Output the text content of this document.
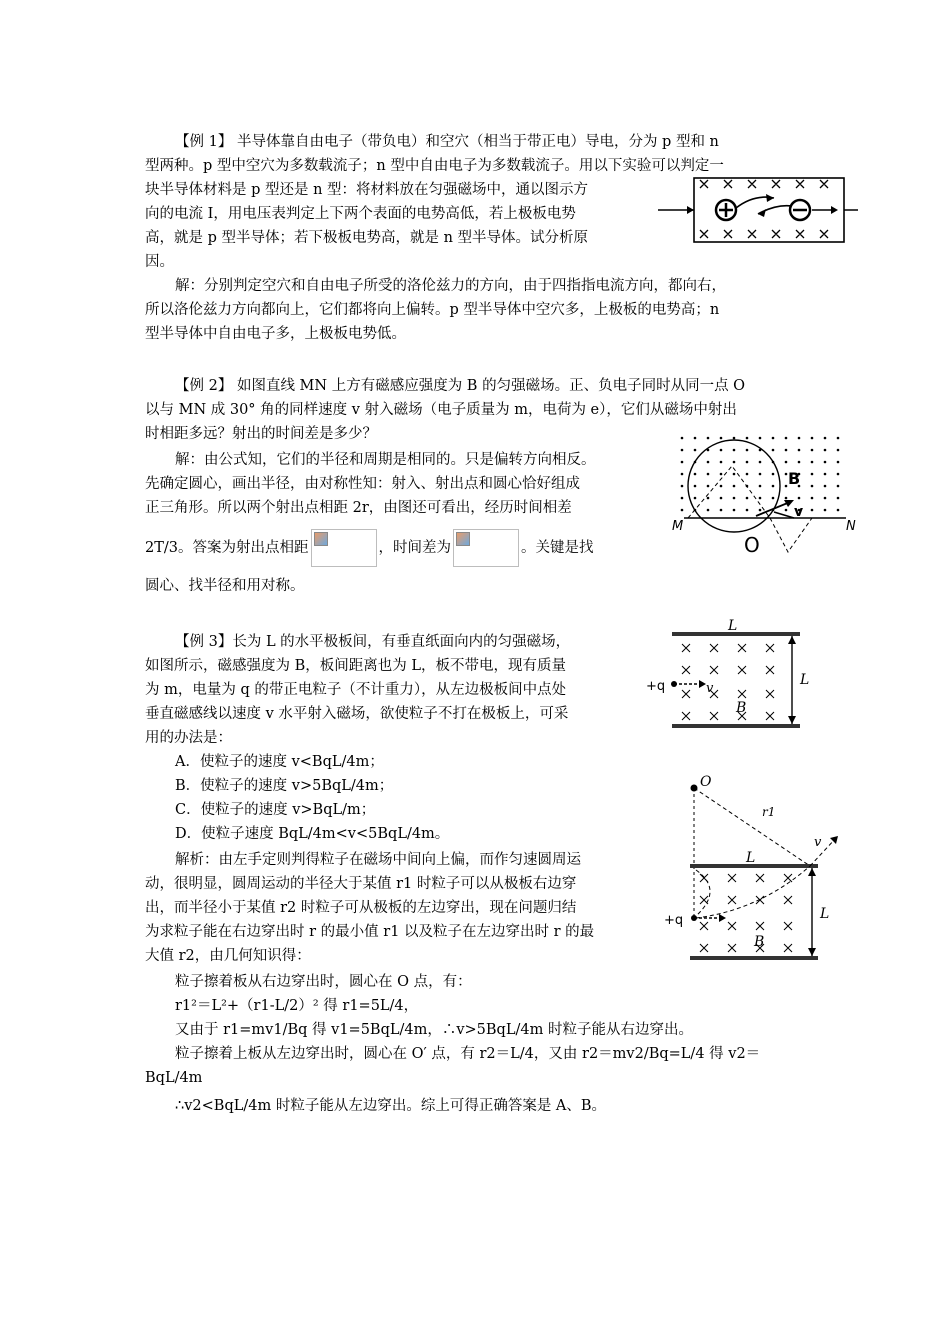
【例 1】 半导体靠自由电子（带负电）和空穴（相当于带正电）导电，分为 p 型和 n
型两种。p 型中空穴为多数载流子；n 型中自由电子为多数载流子。用以下实验可以判定一
块半导体材料是 p 型还是 n 型：将材料放在匀强磁场中，通以图示方
向的电流 I，用电压表判定上下两个表面的电势高低，若上极板电势
高，就是 p 型半导体；若下极板电势高，就是 n 型半导体。试分析原
因。
解：分别判定空穴和自由电子所受的洛伦兹力的方向，由于四指指电流方向，都向右，
所以洛伦兹力方向都向上，它们都将向上偏转。p 型半导体中空穴多，上极板的电势高；n
型半导体中自由电子多，上极板电势低。
【例 2】 如图直线 MN 上方有磁感应强度为 B 的匀强磁场。正、负电子同时从同一点 O
以与 MN 成 30° 角的同样速度 v 射入磁场（电子质量为 m，电荷为 e），它们从磁场中射出
时相距多远？射出的时间差是多少？
解：由公式知，它们的半径和周期是相同的。只是偏转方向相反。
先确定圆心，画出半径，由对称性知：射入、射出点和圆心恰好组成
正三角形。所以两个射出点相距 2r，由图还可看出，经历时间相差
2T/3。答案为射出点相距	，时间差为	。关键是找
圆心、找半径和用对称。
M	N
O
B
v
【例 3】长为 L 的水平极板间，有垂直纸面向内的匀强磁场，
如图所示，磁感强度为 B，板间距离也为 L，板不带电，现有质量
为 m，电量为 q 的带正电粒子（不计重力），从左边极板间中点处
垂直磁感线以速度 v 水平射入磁场，欲使粒子不打在极板上，可采
用的办法是：
A．使粒子的速度 v<BqL/4m；
B．使粒子的速度 v>5BqL/4m；
C．使粒子的速度 v>BqL/m；
D．使粒子速度 BqL/4m<v<5BqL/4m。
解析：由左手定则判得粒子在磁场中间向上偏，而作匀速圆周运
动，很明显，圆周运动的半径大于某值 r1 时粒子可以从极板右边穿
出，而半径小于某值 r2 时粒子可从极板的左边穿出，现在问题归结
为求粒子能在右边穿出时 r 的最小值 r1 以及粒子在左边穿出时 r 的最
大值 r2，由几何知识得：
粒子擦着板从右边穿出时，圆心在 O 点，有：
r1²＝L²+（r1-L/2）² 得 r1=5L/4，
又由于 r1=mv1/Bq 得 v1=5BqL/4m，∴v>5BqL/4m 时粒子能从右边穿出。
粒子擦着上板从左边穿出时，圆心在 O′ 点，有 r2＝L/4，又由 r2＝mv2/Bq=L/4 得 v2＝
BqL/4m
∴v2<BqL/4m 时粒子能从左边穿出。综上可得正确答案是 A、B。
L
L
+q	v
B
O
r1
v
L
L
+q
B
